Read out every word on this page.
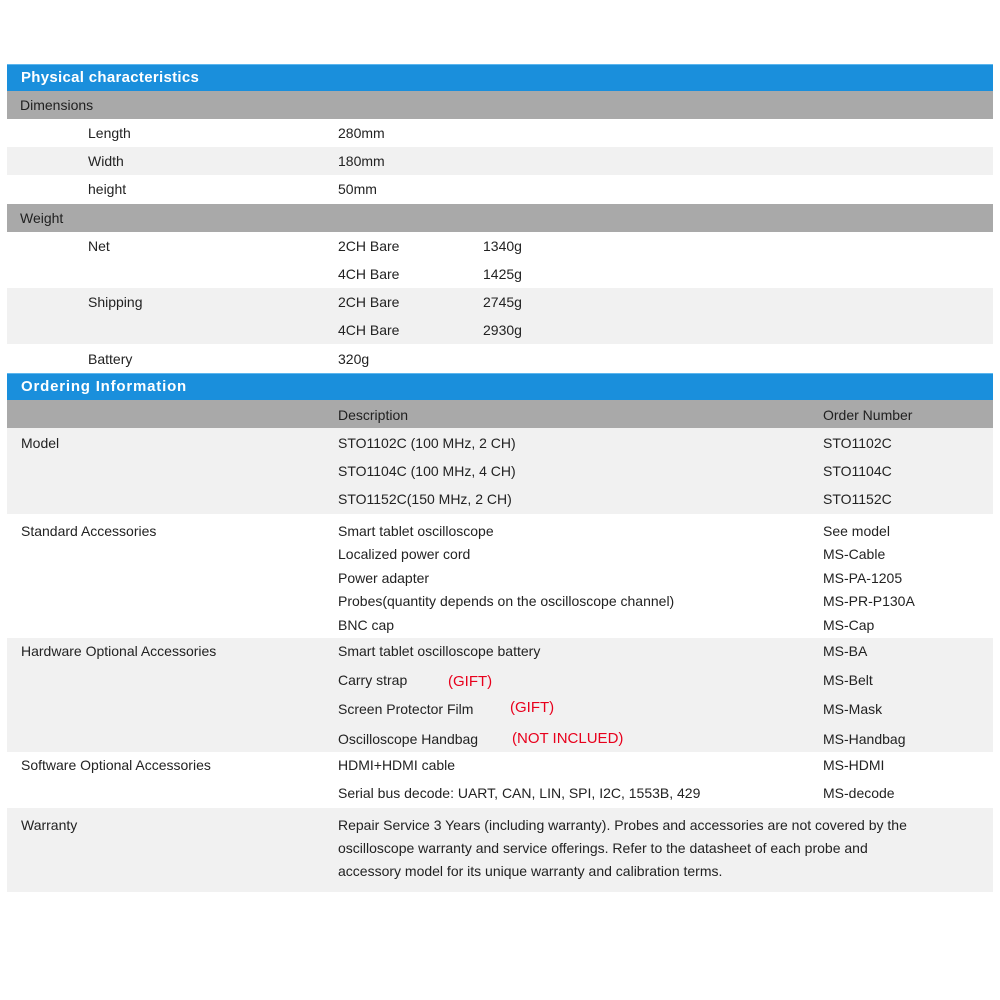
Physical characteristics
Dimensions
Length	280mm
Width	180mm
height	50mm
Weight
Net	2CH Bare	1340g
4CH Bare	1425g
Shipping	2CH Bare	2745g
4CH Bare	2930g
Battery	320g
Ordering Information
Description	Order Number
Model	STO1102C (100 MHz, 2 CH)	STO1102C
STO1104C (100 MHz, 4 CH)	STO1104C
STO1152C(150 MHz, 2 CH)	STO1152C
Standard Accessories	Smart tablet oscilloscope	See model
Localized power cord	MS-Cable
Power adapter	MS-PA-1205
Probes(quantity depends on the oscilloscope channel)	MS-PR-P130A
BNC cap	MS-Cap
Hardware Optional Accessories	Smart tablet oscilloscope battery	MS-BA
Carry strap	(GIFT)	MS-Belt
Screen Protector Film (GIFT)	MS-Mask
Oscilloscope Handbag (NOT INCLUED)	MS-Handbag
Software Optional Accessories	HDMI+HDMI cable	MS-HDMI
Serial bus decode: UART, CAN, LIN, SPI, I2C, 1553B, 429	MS-decode
Warranty	Repair Service 3 Years (including warranty). Probes and accessories are not covered by the
oscilloscope warranty and service offerings. Refer to the datasheet of each probe and
accessory model for its unique warranty and calibration terms.
